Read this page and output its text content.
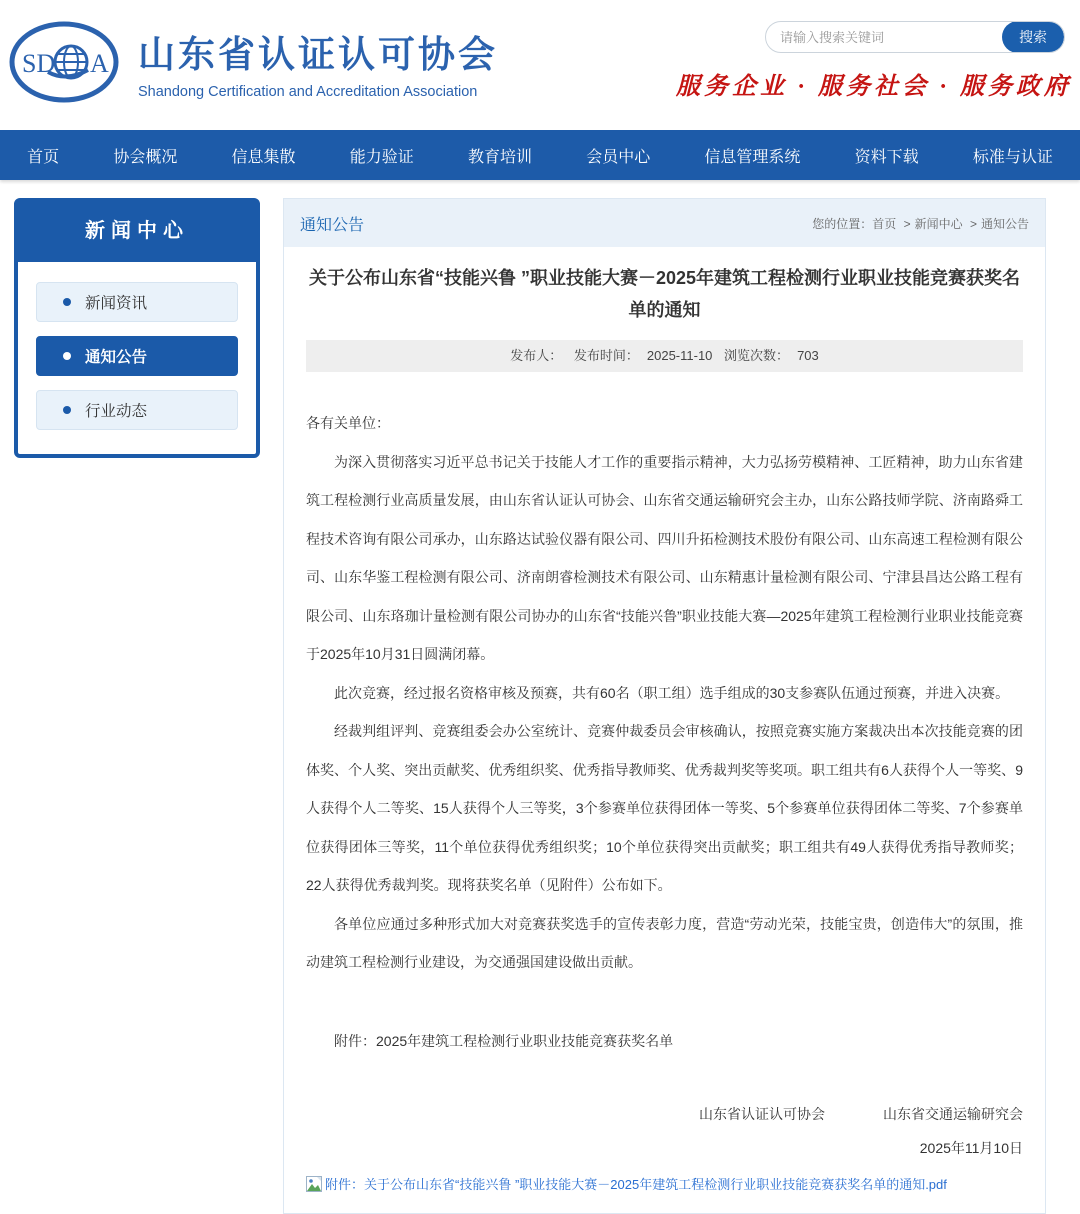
SD A 山东省认证认可协会
Shandong Certification and Accreditation Association
请输入搜索关键词
搜索
服务企业 · 服务社会 · 服务政府
首页	协会概况	信息集散	能力验证	教育培训	会员中心	信息管理系统	资料下载	标准与认证
新闻中心
新闻资讯
通知公告
行业动态
通知公告	您的位置： 首页 > 新闻中心 > 通知公告
关于公布山东省“技能兴鲁 ”职业技能大赛－2025年建筑工程检测行业职业技能竞赛获奖名单的通知
发布人： 发布时间： 2025-11-10 浏览次数： 703

各有关单位：

为深入贯彻落实习近平总书记关于技能人才工作的重要指示精神，大力弘扬劳模精神、工匠精神，助力山东省建筑工程检测行业高质量发展，由山东省认证认可协会、山东省交通运输研究会主办，山东公路技师学院、济南路舜工程技术咨询有限公司承办，山东路达试验仪器有限公司、四川升拓检测技术股份有限公司、山东高速工程检测有限公司、山东华鉴工程检测有限公司、济南朗睿检测技术有限公司、山东精惠计量检测有限公司、宁津县昌达公路工程有限公司、山东珞珈计量检测有限公司协办的山东省“技能兴鲁”职业技能大赛—2025年建筑工程检测行业职业技能竞赛于2025年10月31日圆满闭幕。

此次竞赛，经过报名资格审核及预赛，共有60名（职工组）选手组成的30支参赛队伍通过预赛，并进入决赛。

经裁判组评判、竞赛组委会办公室统计、竞赛仲裁委员会审核确认，按照竞赛实施方案裁决出本次技能竞赛的团体奖、个人奖、突出贡献奖、优秀组织奖、优秀指导教师奖、优秀裁判奖等奖项。职工组共有6人获得个人一等奖、9人获得个人二等奖、15人获得个人三等奖，3个参赛单位获得团体一等奖、5个参赛单位获得团体二等奖、7个参赛单位获得团体三等奖，11个单位获得优秀组织奖；10个单位获得突出贡献奖；职工组共有49人获得优秀指导教师奖；22人获得优秀裁判奖。现将获奖名单（见附件）公布如下。

各单位应通过多种形式加大对竞赛获奖选手的宣传表彰力度，营造“劳动光荣，技能宝贵，创造伟大”的氛围，推动建筑工程检测行业建设，为交通强国建设做出贡献。

附件：2025年建筑工程检测行业职业技能竞赛获奖名单

山东省认证认可协会	山东省交通运输研究会
2025年11月10日
附件：关于公布山东省“技能兴鲁 ”职业技能大赛－2025年建筑工程检测行业职业技能竞赛获奖名单的通知.pdf
